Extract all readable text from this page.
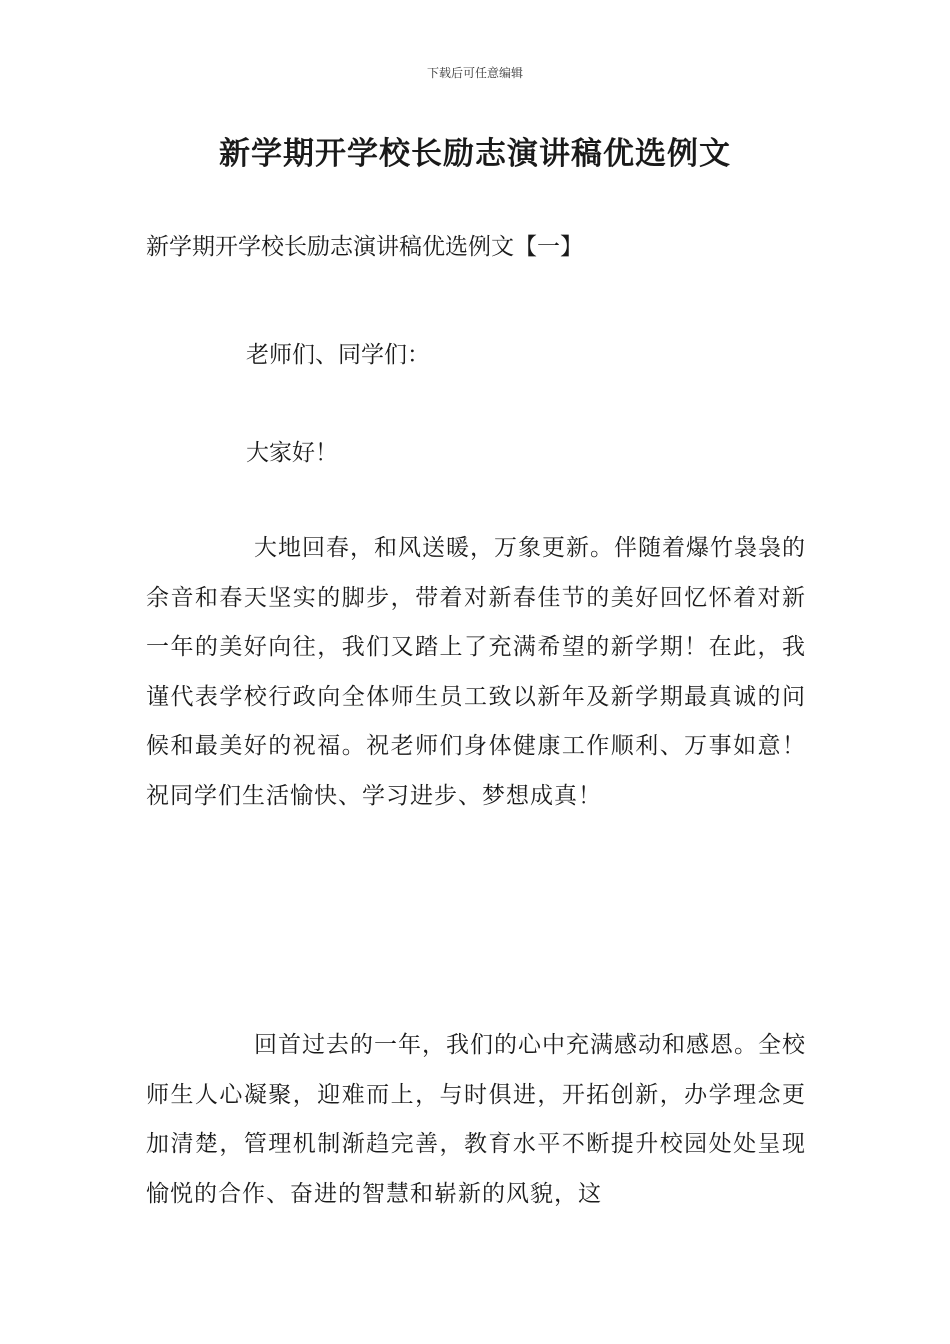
下载后可任意编辑
新学期开学校长励志演讲稿优选例文
新学期开学校长励志演讲稿优选例文【一】
老师们、同学们：
大家好！

大地回春，和风送暖，万象更新。伴随着爆竹袅袅的余音和春天坚实的脚步，带着对新春佳节的美好回忆怀着对新一年的美好向往，我们又踏上了充满希望的新学期！在此，我谨代表学校行政向全体师生员工致以新年及新学期最真诚的问候和最美好的祝福。祝老师们身体健康工作顺利、万事如意！祝同学们生活愉快、学习进步、梦想成真！

回首过去的一年，我们的心中充满感动和感恩。全校师生人心凝聚，迎难而上，与时俱进，开拓创新，办学理念更加清楚，管理机制渐趋完善，教育水平不断提升校园处处呈现愉悦的合作、奋进的智慧和崭新的风貌，这
